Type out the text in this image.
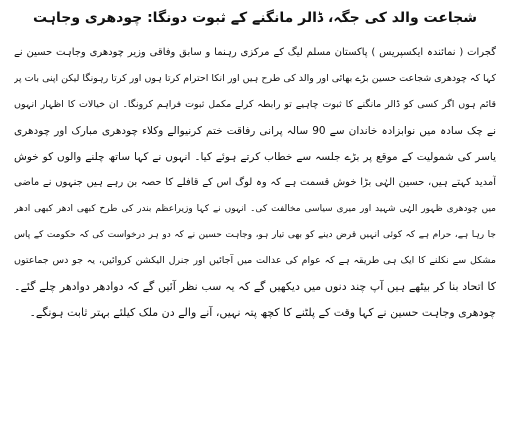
شجاعت والد کی جگہ، ڈالر مانگنے کے ثبوت دونگا: چودھری وجاہت
گجرات ( نمائندہ ایکسپریس ) پاکستان مسلم لیگ کے مرکزی رہنما و سابق وفاقی وزیر چودھری وجاہت حسین نے
کہا کہ چودھری شجاعت حسین بڑے بھائی اور والد کی طرح ہیں اور انکا احترام کرتا ہوں اور کرتا رہونگا لیکن اپنی بات پر
قائم ہوں اگر کسی کو ڈالر مانگنے کا ثبوت چاہیے تو رابطہ کرلے مکمل ثبوت فراہم کرونگا۔ ان خیالات کا اظہار انہوں
نے چک سادہ میں نوابزادہ خاندان سے 90 سالہ پرانی رفاقت ختم کرنیوالے وکلاء چودھری مبارک اور چودھری
یاسر کی شمولیت کے موقع پر بڑے جلسہ سے خطاب کرتے ہوئے کیا۔ انہوں نے کہا ساتھ چلنے والوں کو خوش
آمدید کہتے ہیں، حسین الہٰی بڑا خوش قسمت ہے کہ وہ لوگ اس کے قافلے کا حصہ بن رہے ہیں جنہوں نے ماضی
میں چودھری ظہور الہٰی شہید اور میری سیاسی مخالفت کی۔ انہوں نے کہا وزیراعظم بندر کی طرح کبھی ادھر کبھی ادھر
جا رہا ہے، حرام ہے کہ کوئی انہیں قرض دینے کو بھی تیار ہو، وجاہت حسین نے کہ دو ہر درخواست کی کہ حکومت کے پاس
مشکل سے نکلنے کا ایک ہی طریقہ ہے کہ عوام کی عدالت میں آجائیں اور جنرل الیکشن کروائیں، یہ جو دس جماعتوں
کا اتحاد بنا کر بیٹھے ہیں آپ چند دنوں میں دیکھیں گے کہ یہ سب نظر آئیں گے کہ دوادھر دوادھر چلے گئے۔
چودھری وجاہت حسین نے کہا وقت کے پلٹنے کا کچھ پتہ نہیں، آنے والے دن ملک کیلئے بہتر ثابت ہونگے۔
